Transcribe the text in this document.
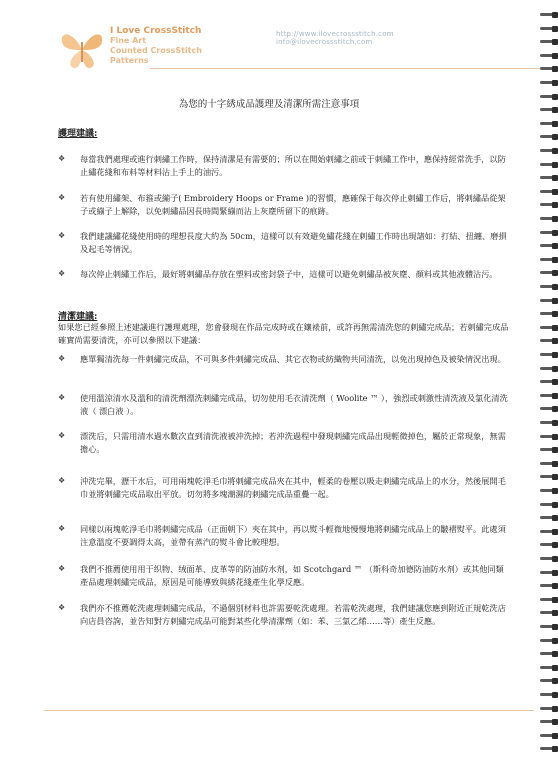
I Love CrossStitch
Fine Art
Counted CrossStitch
Patterns
http://www.ilovecrossstitch.com info@ilovecrossstitch.com
為您的十字綉成品護理及清潔所需注意事項
護理建議:
❖	每當我們處理或進行刺繡工作時，保持清潔是有需要的；所以在開始刺繡之前或于刺繡工作中，應保持經常洗手，以防止繡花綫和布料等材料沾上手上的油污。
❖	若有使用繡架、布箍或繃子( Embroidery Hoops or Frame )的習慣，應確保于每次停止刺繡工作后，將刺繡品從架子或繃子上解除，以免刺繡品因長時間緊繃而沾上灰塵所留下的痕跡。
❖	我們建議繡花綫使用時的理想長度大約為 50cm，這樣可以有效避免繡花綫在刺繡工作時出現諸如：打結、扭纏、磨損及起毛等情況。
❖	每次停止刺繡工作后，最好將刺繡品存放在塑料或密封袋子中，這樣可以避免刺繡品被灰塵、顏料或其他液體沾污。
清潔建議:
如果您已經參照上述建議進行護理處理，您會發現在作品完成時或在鑲裱前，或許再無需清洗您的刺繡完成品；若刺繡完成品確實尚需要清洗，亦可以參照以下建議：
❖	應單獨清洗每一件刺繡完成品，不可與多件刺繡完成品、其它衣物或紡織物共同清洗，以免出現掉色及被染情況出現。
❖	使用溫涼清水及溫和的清洗劑漂洗刺繡完成品，切勿使用毛衣清洗劑（ Woolite ™ ），強烈或刺激性清洗液及氯化清洗液（ 漂白液 ）。
❖	漂洗后，只需用清水過水數次直到清洗液被沖洗掉；若沖洗過程中發現刺繡完成品出現輕微掉色，屬於正常現象，無需擔心。
❖	沖洗完畢，瀝干水后，可用兩塊乾淨毛巾將刺繡完成品夾在其中，輕柔的卷壓以吸走刺繡完成品上的水分，然後展開毛巾並將刺繡完成品取出平放。切勿將多塊潮濕的刺繡完成品重疊一起。
❖	同樣以兩塊乾淨毛巾將刺繡完成品（正面朝下）夾在其中，再以熨斗輕微地慢慢地將刺繡完成品上的皺褶熨平。此處須注意溫度不要調得太高，並帶有蒸汽的熨斗會比較理想。
❖	我們不推薦使用用于织物、绒面革、皮革等的防油防水剂，如 Scotchgard ™ （斯科奇加德防油防水剂）或其他同類產品處理刺繡完成品，原因是可能導致與綉花綫產生化學反應。
❖	我們亦不推薦乾洗處理刺繡完成品，不過個別材料也許需要乾洗處理。若需乾洗處理，我們建議您應到附近正規乾洗店向店員咨詢，並告知對方刺繡完成品可能對某些化學清潔劑（如：苯、三氯乙烯……等）產生反應。
